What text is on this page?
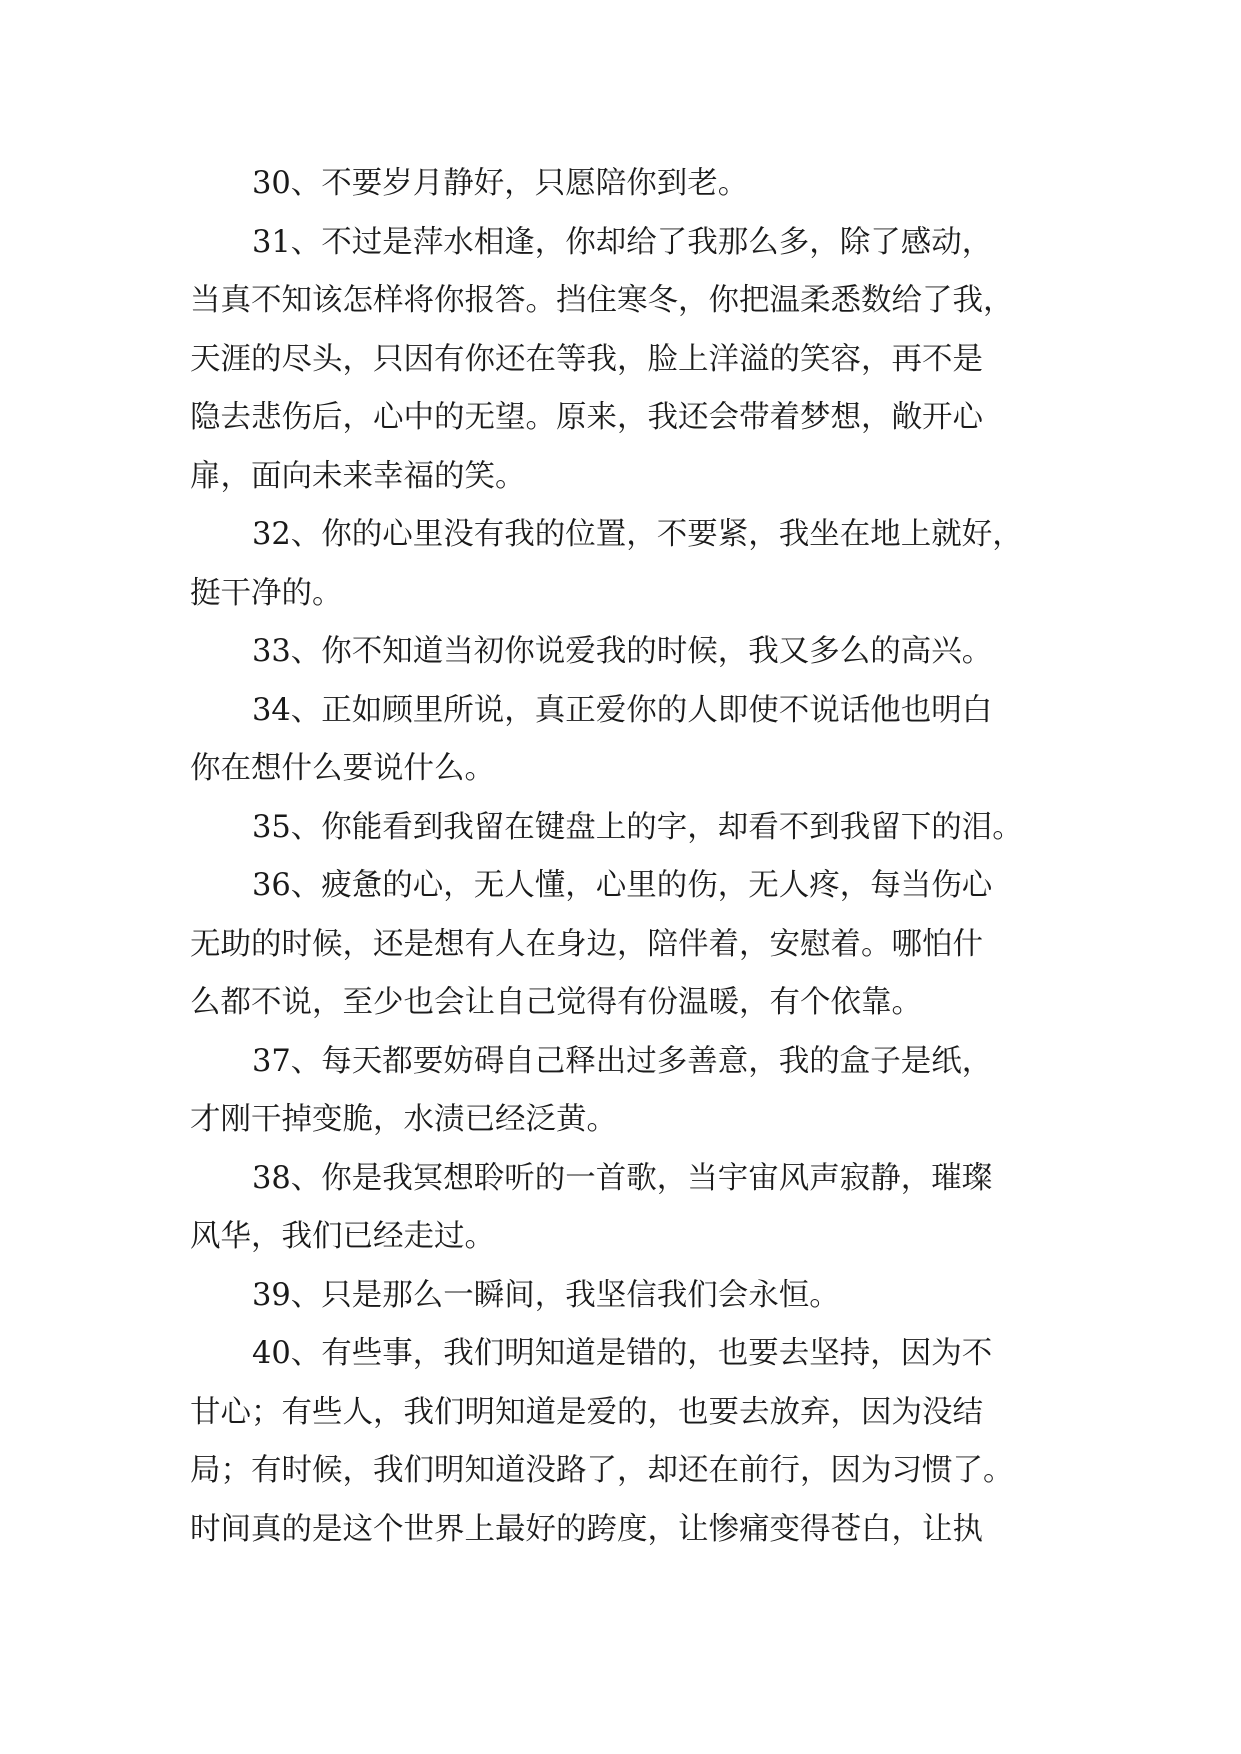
30、不要岁月静好，只愿陪你到老。
31、不过是萍水相逢，你却给了我那么多，除了感动，
当真不知该怎样将你报答。挡住寒冬，你把温柔悉数给了我，
天涯的尽头，只因有你还在等我，脸上洋溢的笑容，再不是
隐去悲伤后，心中的无望。原来，我还会带着梦想，敞开心
扉，面向未来幸福的笑。
32、你的心里没有我的位置，不要紧，我坐在地上就好，
挺干净的。
33、你不知道当初你说爱我的时候，我又多么的高兴。
34、正如顾里所说，真正爱你的人即使不说话他也明白
你在想什么要说什么。
35、你能看到我留在键盘上的字，却看不到我留下的泪。
36、疲惫的心，无人懂，心里的伤，无人疼，每当伤心
无助的时候，还是想有人在身边，陪伴着，安慰着。哪怕什
么都不说，至少也会让自己觉得有份温暖，有个依靠。
37、每天都要妨碍自己释出过多善意，我的盒子是纸，
才刚干掉变脆，水渍已经泛黄。
38、你是我冥想聆听的一首歌，当宇宙风声寂静，璀璨
风华，我们已经走过。
39、只是那么一瞬间，我坚信我们会永恒。
40、有些事，我们明知道是错的，也要去坚持，因为不
甘心；有些人，我们明知道是爱的，也要去放弃，因为没结
局；有时候，我们明知道没路了，却还在前行，因为习惯了。
时间真的是这个世界上最好的跨度，让惨痛变得苍白，让执
